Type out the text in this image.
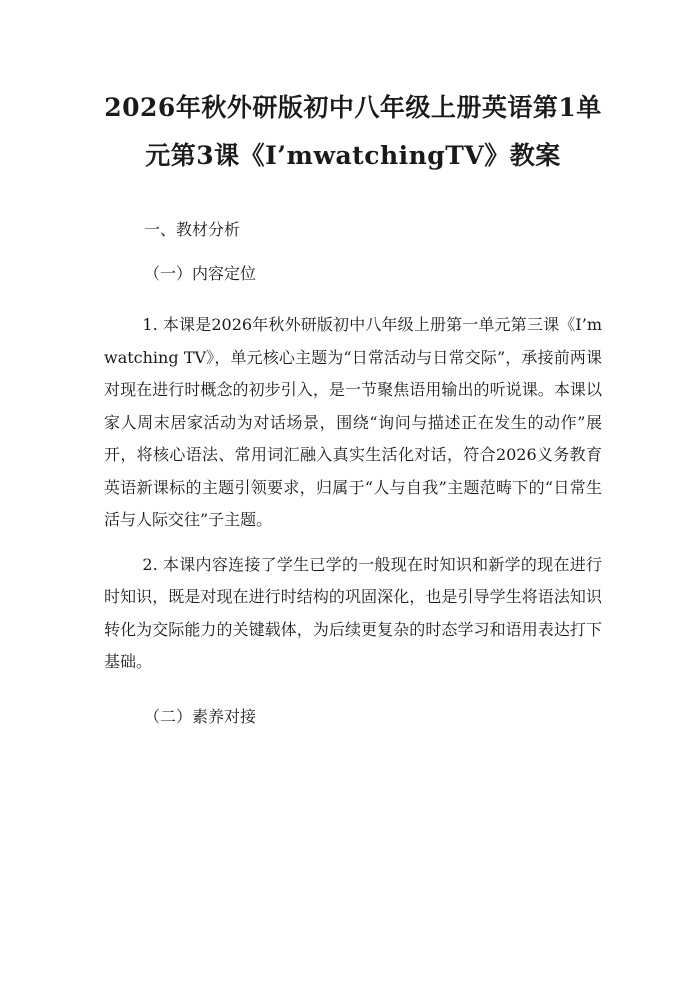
2026年秋外研版初中八年级上册英语第1单
元第3课《I’mwatchingTV》教案

一、教材分析

（一）内容定位

1. 本课是2026年秋外研版初中八年级上册第一单元第三课《I’m watching TV》，单元核心主题为“日常活动与日常交际”，承接前两课对现在进行时概念的初步引入，是一节聚焦语用输出的听说课。本课以家人周末居家活动为对话场景，围绕“询问与描述正在发生的动作”展开，将核心语法、常用词汇融入真实生活化对话，符合2026义务教育英语新课标的主题引领要求，归属于“人与自我”主题范畴下的“日常生活与人际交往”子主题。

2. 本课内容连接了学生已学的一般现在时知识和新学的现在进行时知识，既是对现在进行时结构的巩固深化，也是引导学生将语法知识转化为交际能力的关键载体，为后续更复杂的时态学习和语用表达打下基础。

（二）素养对接
